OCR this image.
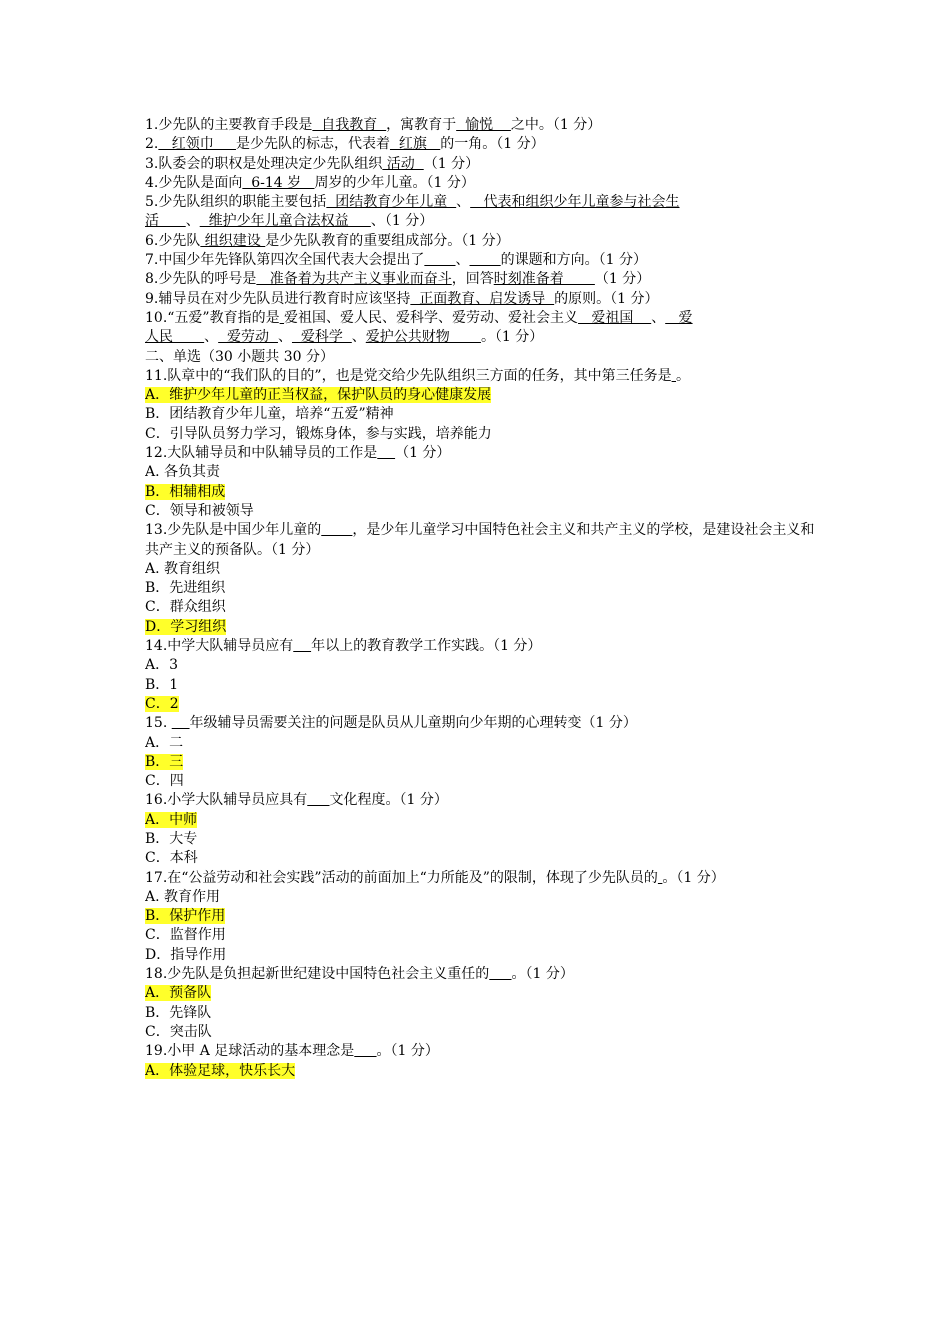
1.少先队的主要教育手段是  自我教育  ，寓教育于  愉悦    之中。（1 分）
2.   红领巾     是少先队的标志，代表着  红旗   的一角。（1 分）
3.队委会的职权是处理决定少先队组织 活动  （1 分）
4.少先队是面向  6-14 岁   周岁的少年儿童。（1 分）
5.少先队组织的职能主要包括  团结教育少年儿童  、   代表和组织少年儿童参与社会生
活      、  维护少年儿童合法权益     、（1 分）
6.少先队 组织建设 是少先队教育的重要组成部分。（1 分）
7.中国少年先锋队第四次全国代表大会提出了 、 的课题和方向。（1 分）
8.少先队的呼号是   准备着为共产主义事业而奋斗，回答时刻准备着       （1 分）
9.辅导员在对少先队员进行教育时应该坚持  正面教育、启发诱导  的原则。（1 分）
10.“五爱”教育指的是 爱祖国、爱人民、爱科学、爱劳动、爱社会主义   爱祖国    、   爱
人民       、  爱劳动  、  爱科学  、爱护公共财物       。（1 分）
二、单选（30 小题共 30 分）
11.队章中的“我们队的目的”，也是党交给少先队组织三方面的任务，其中第三任务是 。
A．维护少年儿童的正当权益，保护队员的身心健康发展
B．团结教育少年儿童，培养“五爱”精神
C．引导队员努力学习，锻炼身体，参与实践，培养能力
12.大队辅导员和中队辅导员的工作是 （1 分）
A. 各负其责
B．相辅相成
C．领导和被领导
13.少先队是中国少年儿童的 ，是少年儿童学习中国特色社会主义和共产主义的学校，是建设社会主义和共产主义的预备队。（1 分）
A. 教育组织
B．先进组织
C．群众组织
D．学习组织
14.中学大队辅导员应有 年以上的教育教学工作实践。（1 分）
A．3
B．1
C．2
15.     年级辅导员需要关注的问题是队员从儿童期向少年期的心理转变（1 分）
A．二
B．三
C．四
16.小学大队辅导员应具有 文化程度。（1 分）
A．中师
B．大专
C．本科
17.在“公益劳动和社会实践”活动的前面加上“力所能及”的限制，体现了少先队员的 。（1 分）
A. 教育作用
B．保护作用
C．监督作用
D．指导作用
18.少先队是负担起新世纪建设中国特色社会主义重任的 。（1 分）
A．预备队
B．先锋队
C．突击队
19.小甲 A 足球活动的基本理念是 。（1 分）
A．体验足球，快乐长大
